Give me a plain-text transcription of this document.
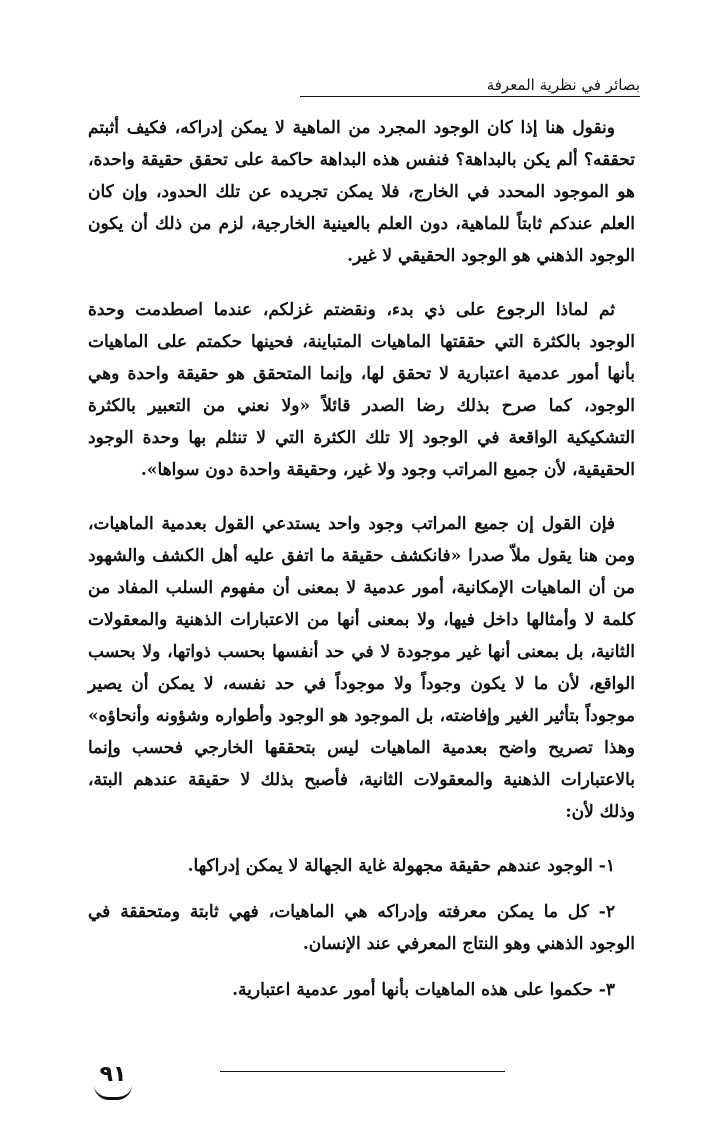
بصائر في نظرية المعرفة

ونقول هنا إذا كان الوجود المجرد من الماهية لا يمكن إدراكه، فكيف أثبتم تحققه؟ ألم يكن بالبداهة؟ فنفس هذه البداهة حاكمة على تحقق حقيقة واحدة، هو الموجود المحدد في الخارج، فلا يمكن تجريده عن تلك الحدود، وإن كان العلم عندكم ثابتاً للماهية، دون العلم بالعينية الخارجية، لزم من ذلك أن يكون الوجود الذهني هو الوجود الحقيقي لا غير.

ثم لماذا الرجوع على ذي بدء، ونقضتم غزلكم، عندما اصطدمت وحدة الوجود بالكثرة التي حققتها الماهيات المتباينة، فحينها حكمتم على الماهيات بأنها أمور عدمية اعتبارية لا تحقق لها، وإنما المتحقق هو حقيقة واحدة وهي الوجود، كما صرح بذلك رضا الصدر قائلاً «ولا نعني من التعبير بالكثرة التشكيكية الواقعة في الوجود إلا تلك الكثرة التي لا تنثلم بها وحدة الوجود الحقيقية، لأن جميع المراتب وجود ولا غير، وحقيقة واحدة دون سواها».

فإن القول إن جميع المراتب وجود واحد يستدعي القول بعدمية الماهيات، ومن هنا يقول ملاّ صدرا «فانكشف حقيقة ما اتفق عليه أهل الكشف والشهود من أن الماهيات الإمكانية، أمور عدمية لا بمعنى أن مفهوم السلب المفاد من كلمة لا وأمثالها داخل فيها، ولا بمعنى أنها من الاعتبارات الذهنية والمعقولات الثانية، بل بمعنى أنها غير موجودة لا في حد أنفسها بحسب ذواتها، ولا بحسب الواقع، لأن ما لا يكون وجوداً ولا موجوداً في حد نفسه، لا يمكن أن يصير موجوداً بتأثير الغير وإفاضته، بل الموجود هو الوجود وأطواره وشؤونه وأنحاؤه» وهذا تصريح واضح بعدمية الماهيات ليس بتحققها الخارجي فحسب وإنما بالاعتبارات الذهنية والمعقولات الثانية، فأصبح بذلك لا حقيقة عندهم البتة، وذلك لأن:

١- الوجود عندهم حقيقة مجهولة غاية الجهالة لا يمكن إدراكها.

٢- كل ما يمكن معرفته وإدراكه هي الماهيات، فهي ثابتة ومتحققة في الوجود الذهني وهو النتاج المعرفي عند الإنسان.

٣- حكموا على هذه الماهيات بأنها أمور عدمية اعتبارية.

٩١
